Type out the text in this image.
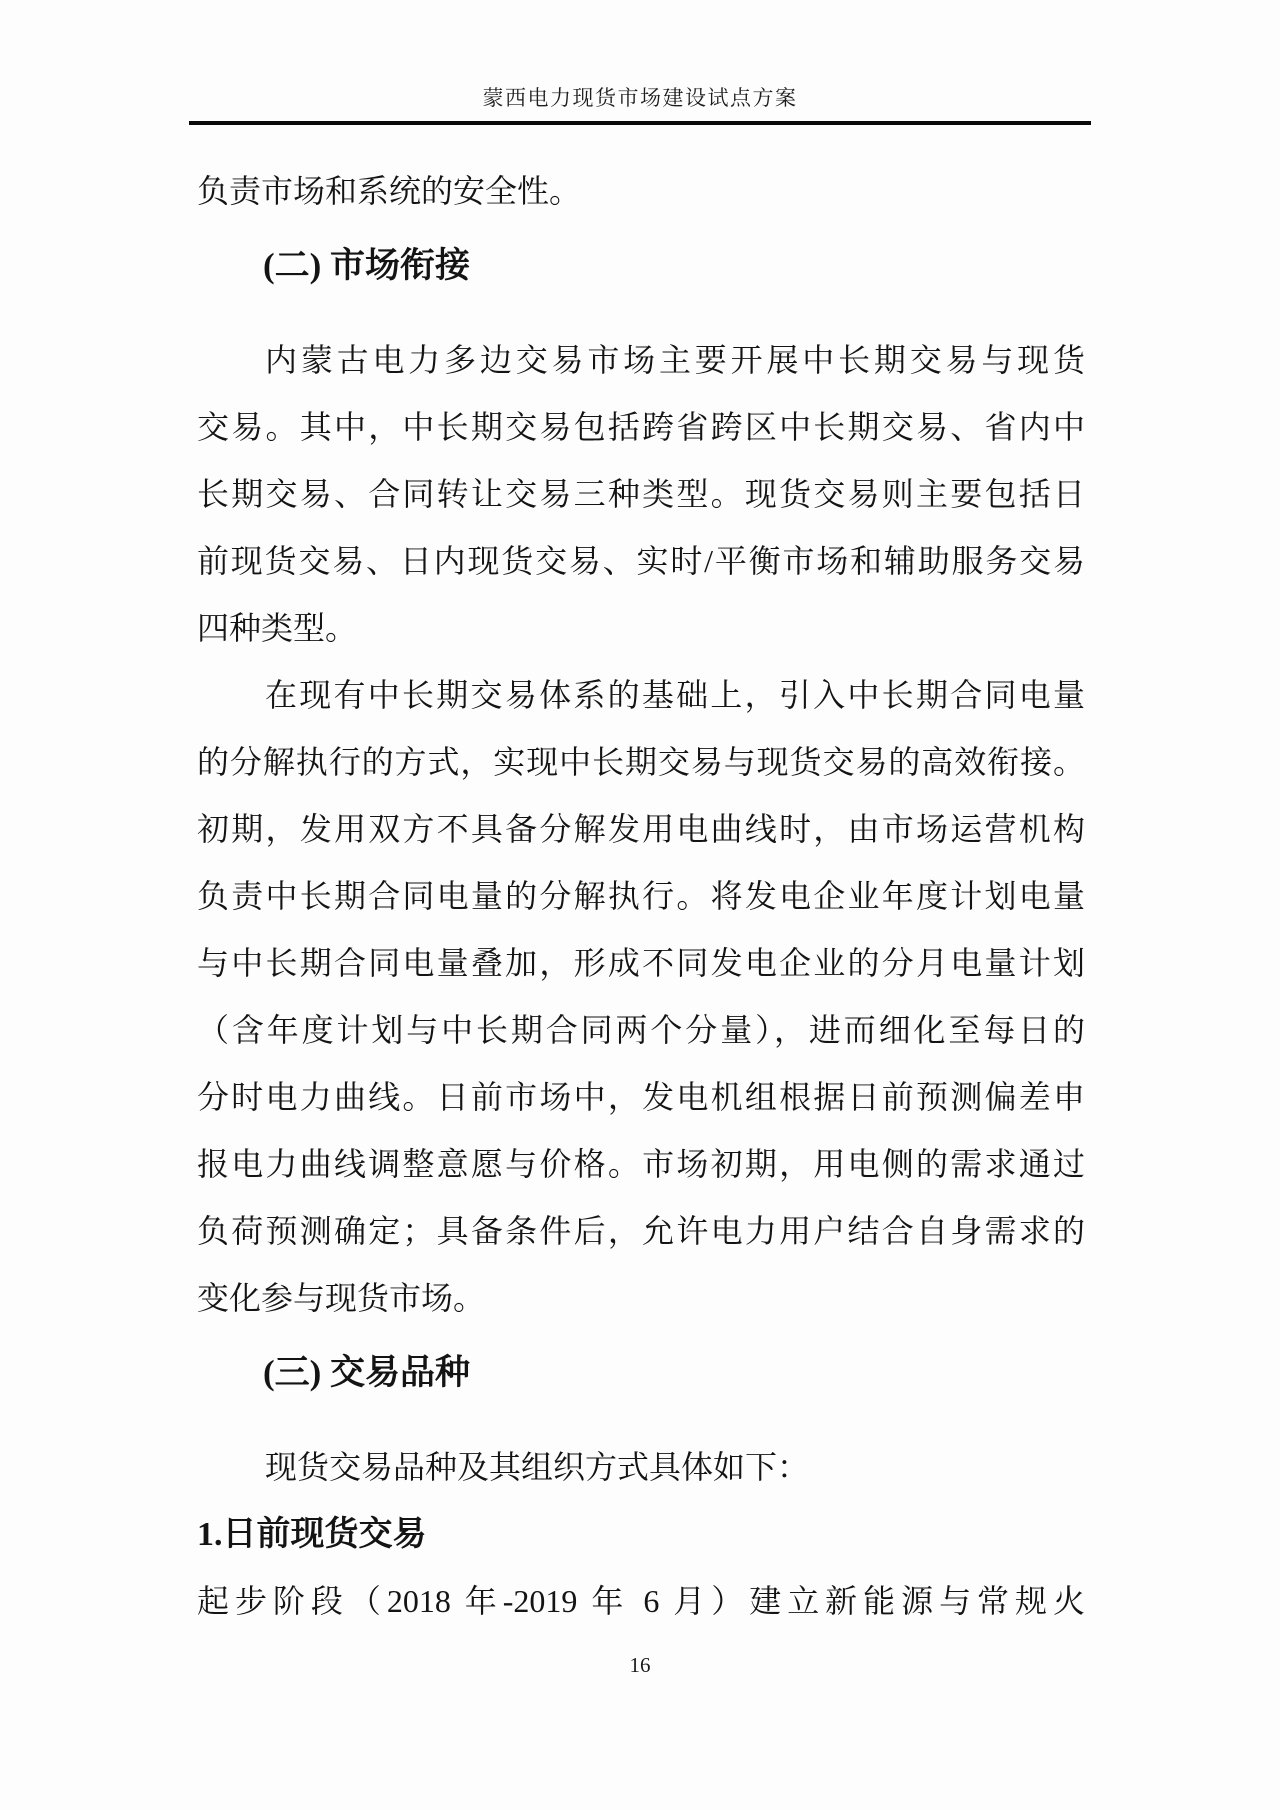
蒙西电力现货市场建设试点方案
负责市场和系统的安全性。
(二) 市场衔接
内蒙古电力多边交易市场主要开展中长期交易与现货
交易。其中，中长期交易包括跨省跨区中长期交易、省内中
长期交易、合同转让交易三种类型。现货交易则主要包括日
前现货交易、日内现货交易、实时/平衡市场和辅助服务交易
四种类型。
在现有中长期交易体系的基础上，引入中长期合同电量
的分解执行的方式，实现中长期交易与现货交易的高效衔接。
初期，发用双方不具备分解发用电曲线时，由市场运营机构
负责中长期合同电量的分解执行。将发电企业年度计划电量
与中长期合同电量叠加，形成不同发电企业的分月电量计划
（含年度计划与中长期合同两个分量），进而细化至每日的
分时电力曲线。日前市场中，发电机组根据日前预测偏差申
报电力曲线调整意愿与价格。市场初期，用电侧的需求通过
负荷预测确定；具备条件后，允许电力用户结合自身需求的
变化参与现货市场。
(三) 交易品种
现货交易品种及其组织方式具体如下：
1.日前现货交易
起步阶段（2018 年-2019 年 6 月）建立新能源与常规火
16
